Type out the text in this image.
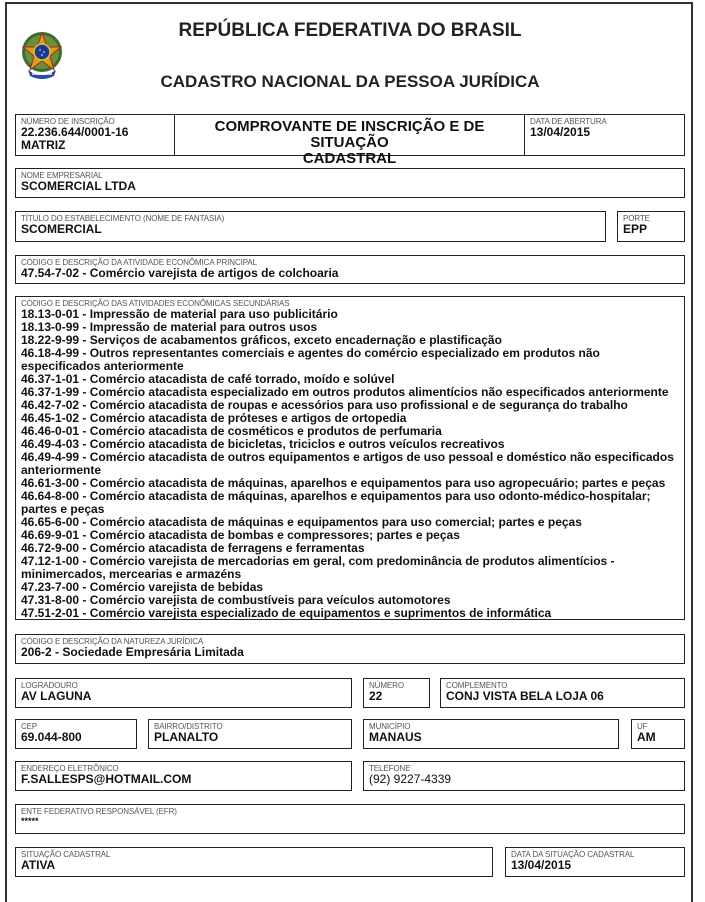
REPÚBLICA FEDERATIVA DO BRASIL
CADASTRO NACIONAL DA PESSOA JURÍDICA
NÚMERO DE INSCRIÇÃO
22.236.644/0001-16
MATRIZ
COMPROVANTE DE INSCRIÇÃO E DE SITUAÇÃO
CADASTRAL
DATA DE ABERTURA
13/04/2015
NOME EMPRESARIAL
SCOMERCIAL LTDA
TÍTULO DO ESTABELECIMENTO (NOME DE FANTASIA)
SCOMERCIAL
PORTE
EPP
CÓDIGO E DESCRIÇÃO DA ATIVIDADE ECONÔMICA PRINCIPAL
47.54-7-02 - Comércio varejista de artigos de colchoaria
CÓDIGO E DESCRIÇÃO DAS ATIVIDADES ECONÔMICAS SECUNDÁRIAS
18.13-0-01 - Impressão de material para uso publicitário
18.13-0-99 - Impressão de material para outros usos
18.22-9-99 - Serviços de acabamentos gráficos, exceto encadernação e plastificação
46.18-4-99 - Outros representantes comerciais e agentes do comércio especializado em produtos não especificados anteriormente
46.37-1-01 - Comércio atacadista de café torrado, moído e solúvel
46.37-1-99 - Comércio atacadista especializado em outros produtos alimentícios não especificados anteriormente
46.42-7-02 - Comércio atacadista de roupas e acessórios para uso profissional e de segurança do trabalho
46.45-1-02 - Comércio atacadista de próteses e artigos de ortopedia
46.46-0-01 - Comércio atacadista de cosméticos e produtos de perfumaria
46.49-4-03 - Comércio atacadista de bicicletas, triciclos e outros veículos recreativos
46.49-4-99 - Comércio atacadista de outros equipamentos e artigos de uso pessoal e doméstico não especificados anteriormente
46.61-3-00 - Comércio atacadista de máquinas, aparelhos e equipamentos para uso agropecuário; partes e peças
46.64-8-00 - Comércio atacadista de máquinas, aparelhos e equipamentos para uso odonto-médico-hospitalar; partes e peças
46.65-6-00 - Comércio atacadista de máquinas e equipamentos para uso comercial; partes e peças
46.69-9-01 - Comércio atacadista de bombas e compressores; partes e peças
46.72-9-00 - Comércio atacadista de ferragens e ferramentas
47.12-1-00 - Comércio varejista de mercadorias em geral, com predominância de produtos alimentícios - minimercados, mercearias e armazéns
47.23-7-00 - Comércio varejista de bebidas
47.31-8-00 - Comércio varejista de combustíveis para veículos automotores
47.51-2-01 - Comércio varejista especializado de equipamentos e suprimentos de informática
CÓDIGO E DESCRIÇÃO DA NATUREZA JURÍDICA
206-2 - Sociedade Empresária Limitada
LOGRADOURO
AV LAGUNA
NÚMERO
22
COMPLEMENTO
CONJ VISTA BELA LOJA 06
CEP
69.044-800
BAIRRO/DISTRITO
PLANALTO
MUNICÍPIO
MANAUS
UF
AM
ENDEREÇO ELETRÔNICO
F.SALLESPS@HOTMAIL.COM
TELEFONE
(92) 9227-4339
ENTE FEDERATIVO RESPONSÁVEL (EFR)
*****
SITUAÇÃO CADASTRAL
ATIVA
DATA DA SITUAÇÃO CADASTRAL
13/04/2015
